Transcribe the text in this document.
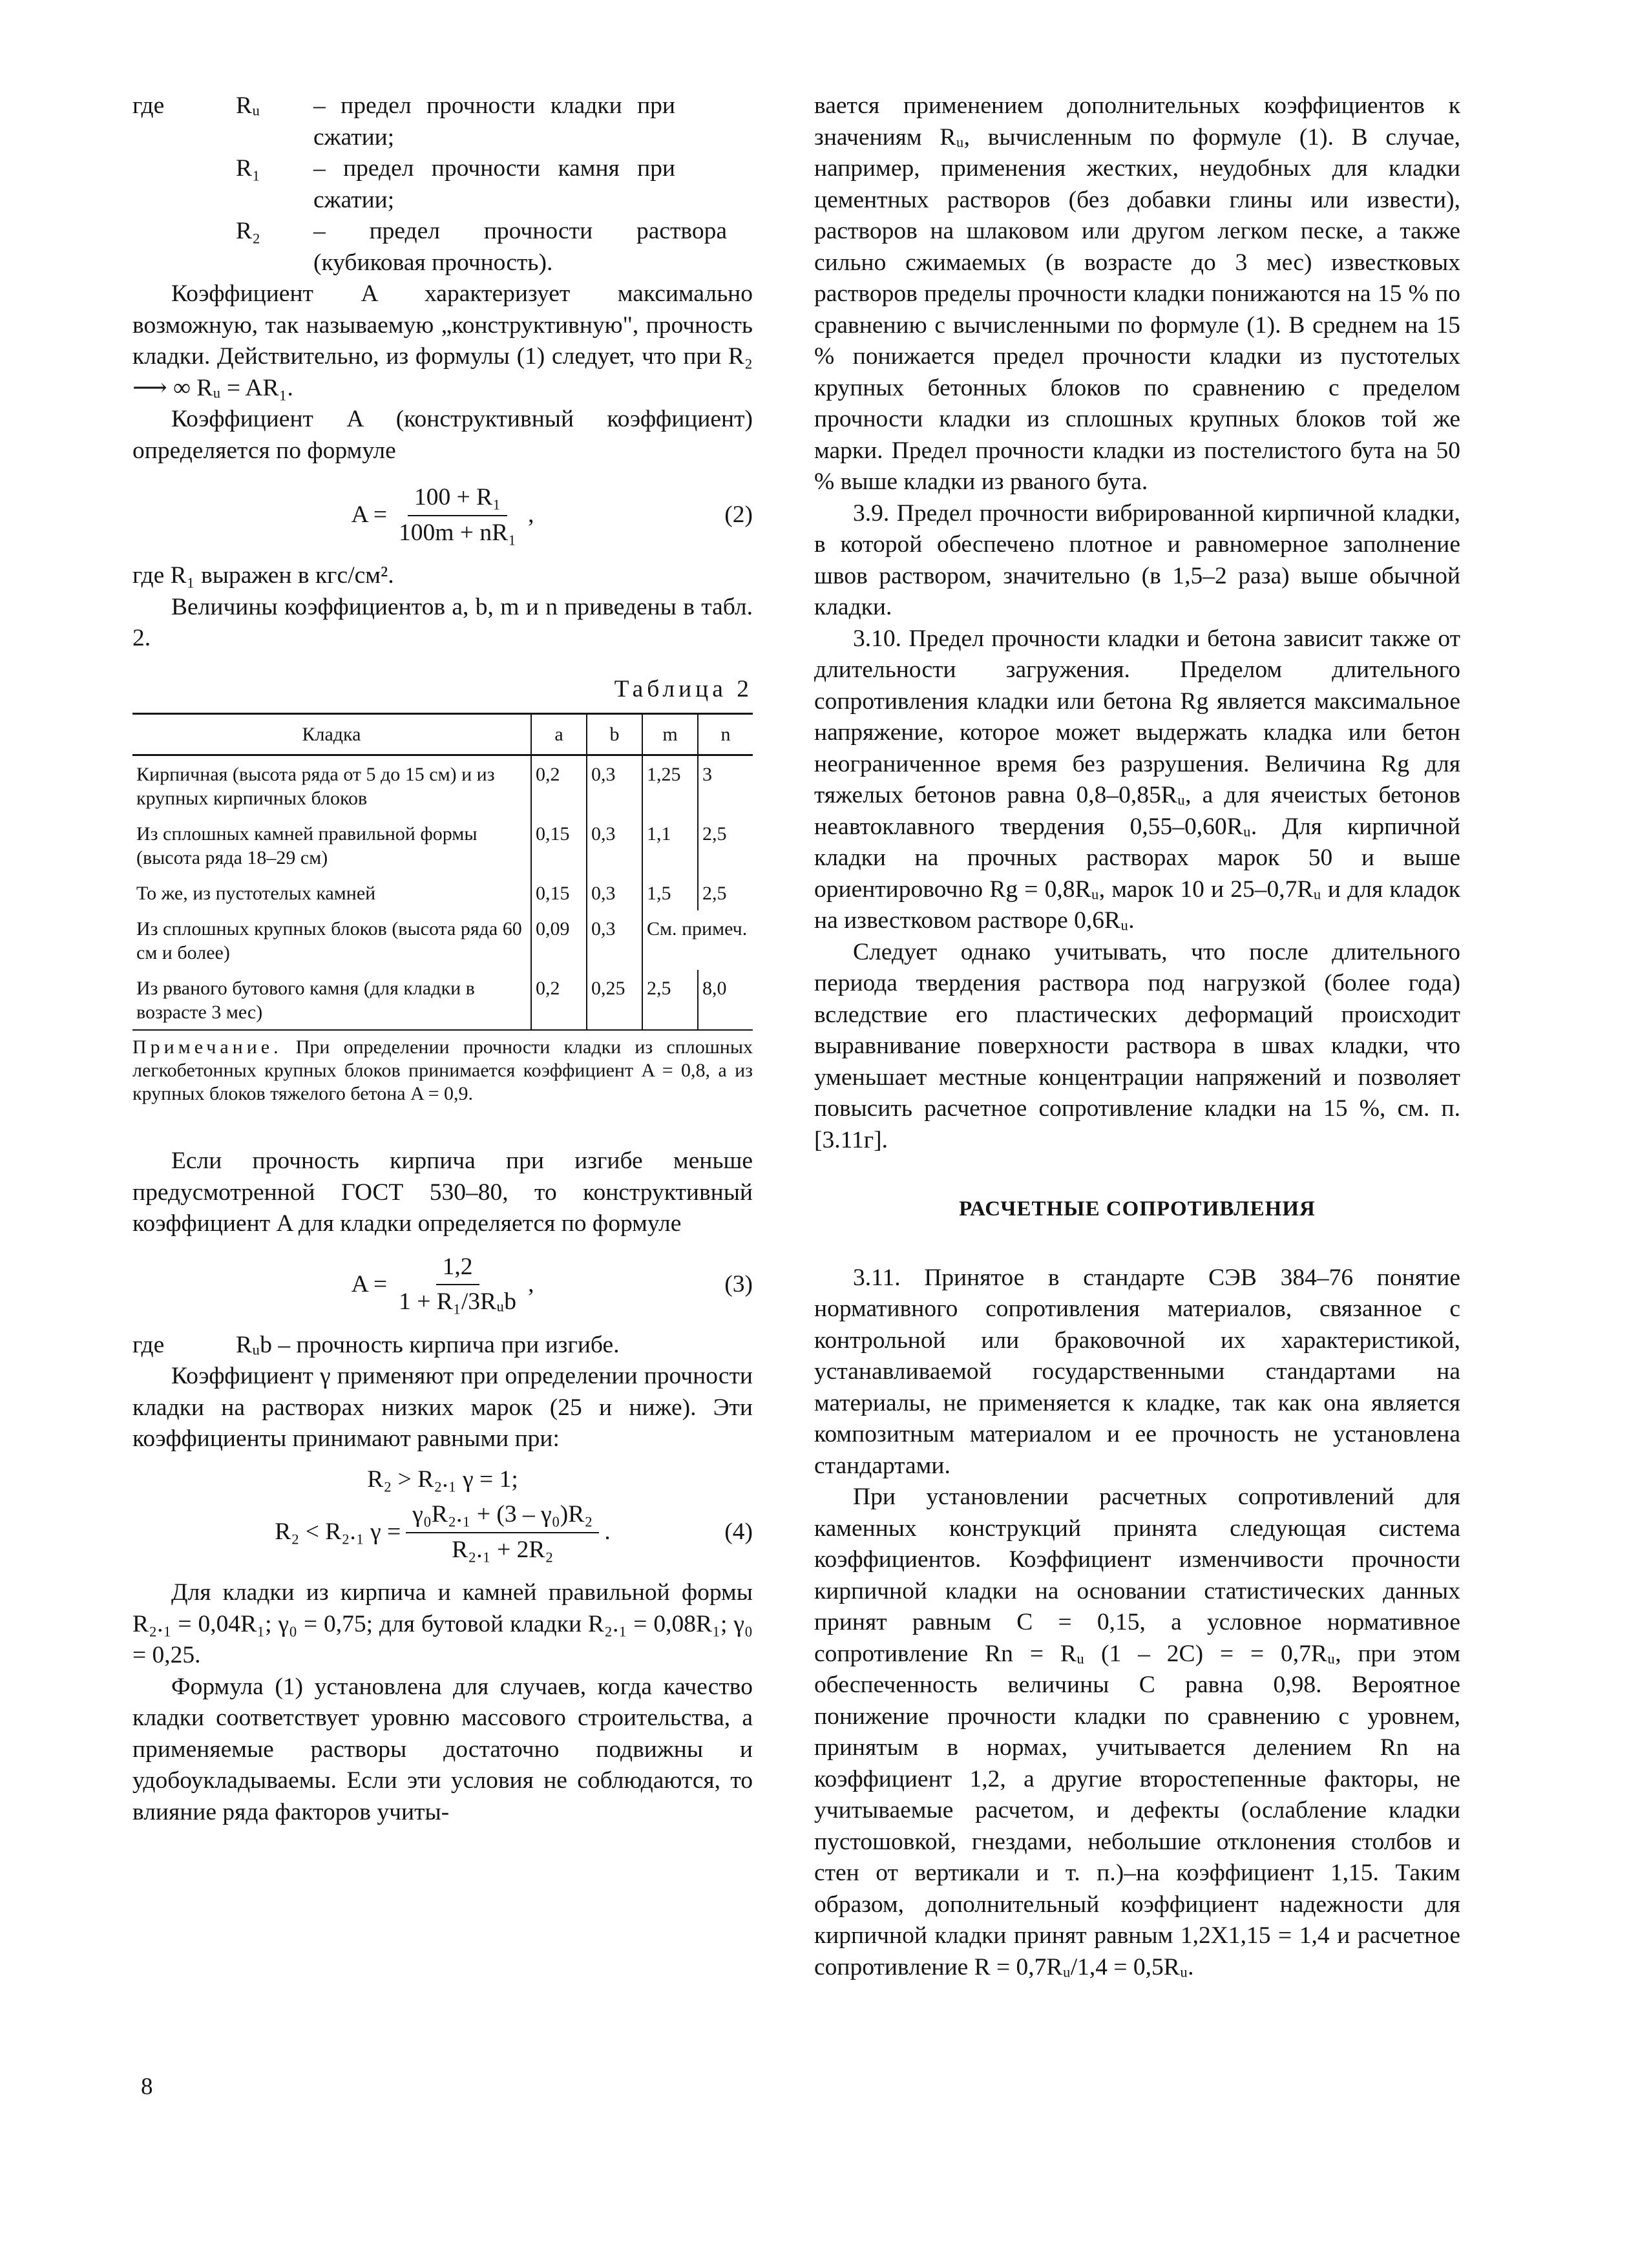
где	Rᵤ	– предел прочности кладки при сжатии;
R₁	– предел прочности камня при сжатии;
R₂	– предел прочности раствора (кубиковая прочность).

Коэффициент A характеризует максимально возможную, так называемую „конструктивную", прочность кладки. Действительно, из формулы (1) следует, что при R₂ ⟶ ∞ Rᵤ = AR₁.

Коэффициент A (конструктивный коэффициент) определяется по формуле

$A = \frac{\text{100 + R₁}}{\text{100m + nR₁}}$ ,	(2)

где R₁ выражен в кгс/см².

Величины коэффициентов a, b, m и n приведены в табл. 2.

Таблица 2
Кладка	a	b	m	n
Кирпичная (высота ряда от 5 до 15 см) и из крупных кирпичных блоков	0,2	0,3	1,25	3
Из сплошных камней правильной формы (высота ряда 18–29 см)	0,15	0,3	1,1	2,5
То же, из пустотелых камней	0,15	0,3	1,5	2,5
Из сплошных крупных блоков (высота ряда 60 см и более)	0,09	0,3	См. примеч.	
Из рваного бутового камня (для кладки в возрасте 3 мес)	0,2	0,25	2,5	8,0
Примечание. При определении прочности кладки из сплошных легкобетонных крупных блоков принимается коэффициент A = 0,8, а из крупных блоков тяжелого бетона A = 0,9.

Если прочность кирпича при изгибе меньше предусмотренной ГОСТ 530–80, то конструктивный коэффициент A для кладки определяется по формуле

$A = \frac{1,2}{\text{1 + R₁/3Rᵤb}}$ ,	(3)
где	Rᵤb – прочность кирпича при изгибе.

Коэффициент γ применяют при определении прочности кладки на растворах низких марок (25 и ниже). Эти коэффициенты принимают равными при:

R₂ > R₂.₁ γ = 1;
R₂ < R₂.₁ $\gamma = \frac{\text{γ₀R₂.₁ + (3 – γ₀)R₂}}{\text{R₂.₁ + 2R₂}}$ .	(4)

Для кладки из кирпича и камней правильной формы R₂.₁ = 0,04R₁; γ₀ = 0,75; для бутовой кладки R₂.₁ = 0,08R₁; γ₀ = 0,25.

Формула (1) установлена для случаев, когда качество кладки соответствует уровню массового строительства, а применяемые растворы достаточно подвижны и удобоукладываемы. Если эти условия не соблюдаются, то влияние ряда факторов учиты-

вается применением дополнительных коэффициентов к значениям Rᵤ, вычисленным по формуле (1). В случае, например, применения жестких, неудобных для кладки цементных растворов (без добавки глины или извести), растворов на шлаковом или другом легком песке, а также сильно сжимаемых (в возрасте до 3 мес) известковых растворов пределы прочности кладки понижаются на 15 % по сравнению с вычисленными по формуле (1). В среднем на 15 % понижается предел прочности кладки из пустотелых крупных бетонных блоков по сравнению с пределом прочности кладки из сплошных крупных блоков той же марки. Предел прочности кладки из постелистого бута на 50 % выше кладки из рваного бута.

3.9. Предел прочности вибрированной кирпичной кладки, в которой обеспечено плотное и равномерное заполнение швов раствором, значительно (в 1,5–2 раза) выше обычной кладки.

3.10. Предел прочности кладки и бетона зависит также от длительности загружения. Пределом длительного сопротивления кладки или бетона Rg является максимальное напряжение, которое может выдержать кладка или бетон неограниченное время без разрушения. Величина Rg для тяжелых бетонов равна 0,8–0,85Rᵤ, а для ячеистых бетонов неавтоклавного твердения 0,55–0,60Rᵤ. Для кирпичной кладки на прочных растворах марок 50 и выше ориентировочно Rg = 0,8Rᵤ, марок 10 и 25–0,7Rᵤ и для кладок на известковом растворе 0,6Rᵤ.

Следует однако учитывать, что после длительного периода твердения раствора под нагрузкой (более года) вследствие его пластических деформаций происходит выравнивание поверхности раствора в швах кладки, что уменьшает местные концентрации напряжений и позволяет повысить расчетное сопротивление кладки на 15 %, см. п. [3.11г].

РАСЧЕТНЫЕ СОПРОТИВЛЕНИЯ

3.11. Принятое в стандарте СЭВ 384–76 понятие нормативного сопротивления материалов, связанное с контрольной или браковочной их характеристикой, устанавливаемой государственными стандартами на материалы, не применяется к кладке, так как она является композитным материалом и ее прочность не установлена стандартами.

При установлении расчетных сопротивлений для каменных конструкций принята следующая система коэффициентов. Коэффициент изменчивости прочности кирпичной кладки на основании статистических данных принят равным C = 0,15, а условное нормативное сопротивление Rn = Rᵤ (1 – 2C) = = 0,7Rᵤ, при этом обеспеченность величины C равна 0,98. Вероятное понижение прочности кладки по сравнению с уровнем, принятым в нормах, учитывается делением Rn на коэффициент 1,2, а другие второстепенные факторы, не учитываемые расчетом, и дефекты (ослабление кладки пустошовкой, гнездами, небольшие отклонения столбов и стен от вертикали и т. п.)–на коэффициент 1,15. Таким образом, дополнительный коэффициент надежности для кирпичной кладки принят равным 1,2Х1,15 = 1,4 и расчетное сопротивление R = 0,7Rᵤ/1,4 = 0,5Rᵤ.

8
